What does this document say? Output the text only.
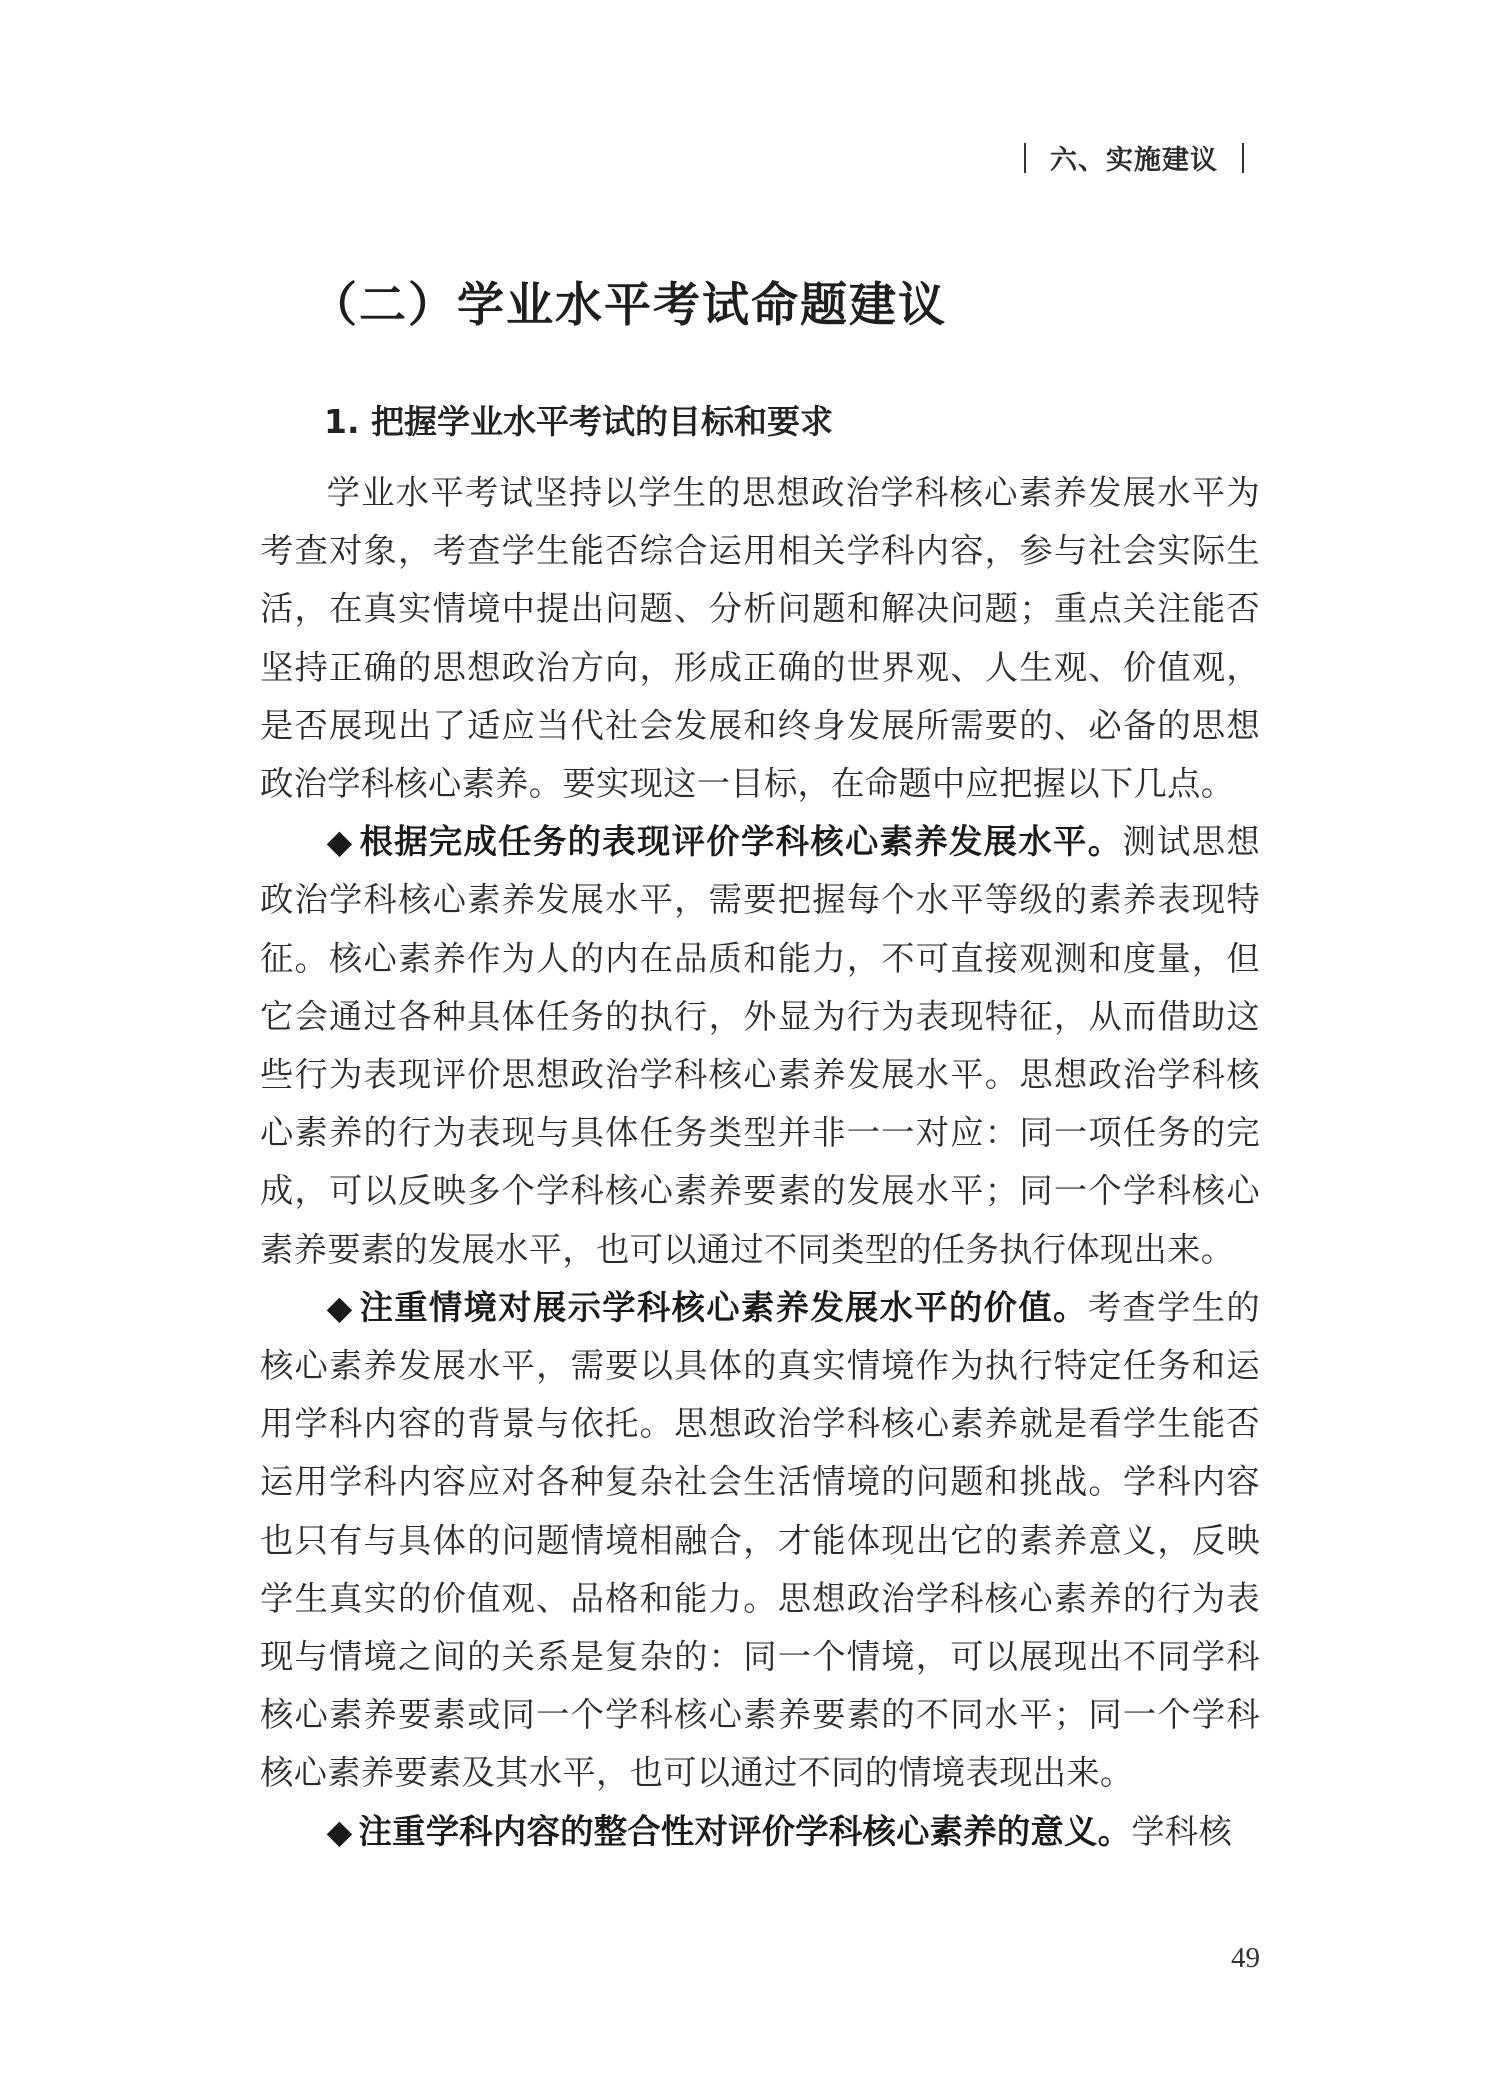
六、实施建议
（二）学业水平考试命题建议
1. 把握学业水平考试的目标和要求

学业水平考试坚持以学生的思想政治学科核心素养发展水平为考查对象，考查学生能否综合运用相关学科内容，参与社会实际生活，在真实情境中提出问题、分析问题和解决问题；重点关注能否坚持正确的思想政治方向，形成正确的世界观、人生观、价值观，是否展现出了适应当代社会发展和终身发展所需要的、必备的思想政治学科核心素养。要实现这一目标，在命题中应把握以下几点。

◆ 根据完成任务的表现评价学科核心素养发展水平。测试思想政治学科核心素养发展水平，需要把握每个水平等级的素养表现特征。核心素养作为人的内在品质和能力，不可直接观测和度量，但它会通过各种具体任务的执行，外显为行为表现特征，从而借助这些行为表现评价思想政治学科核心素养发展水平。思想政治学科核心素养的行为表现与具体任务类型并非一一对应：同一项任务的完成，可以反映多个学科核心素养要素的发展水平；同一个学科核心素养要素的发展水平，也可以通过不同类型的任务执行体现出来。

◆ 注重情境对展示学科核心素养发展水平的价值。考查学生的核心素养发展水平，需要以具体的真实情境作为执行特定任务和运用学科内容的背景与依托。思想政治学科核心素养就是看学生能否运用学科内容应对各种复杂社会生活情境的问题和挑战。学科内容也只有与具体的问题情境相融合，才能体现出它的素养意义，反映学生真实的价值观、品格和能力。思想政治学科核心素养的行为表现与情境之间的关系是复杂的：同一个情境，可以展现出不同学科核心素养要素或同一个学科核心素养要素的不同水平；同一个学科核心素养要素及其水平，也可以通过不同的情境表现出来。

◆ 注重学科内容的整合性对评价学科核心素养的意义。学科核

49
